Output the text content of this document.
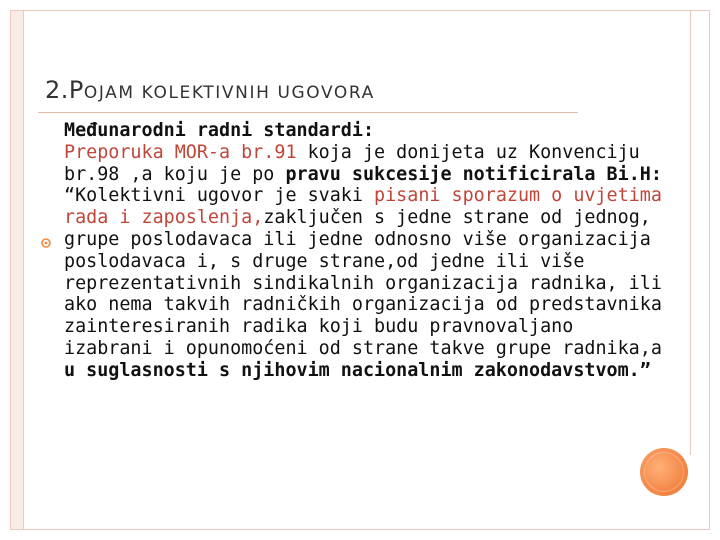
2.POJAM KOLEKTIVNIH UGOVORA

Međunarodni radni standardi:
Preporuka MOR-a br.91 koja je donijeta uz Konvenciju br.98 ,a koju je po pravu sukcesije notificirala Bi.H:

“Kolektivni ugovor je svaki pisani sporazum o uvjetima rada i zaposlenja,zaključen s jedne strane od jednog, grupe poslodavaca ili jedne odnosno više organizacija poslodavaca i, s druge strane,od jedne ili više reprezentativnih sindikalnih organizacija radnika, ili ako nema takvih radničkih organizacija od predstavnika zainteresiranih radika koji budu pravnovaljano izabrani i opunomoćeni od strane takve grupe radnika,a u suglasnosti s njihovim nacionalnim zakonodavstvom.”
